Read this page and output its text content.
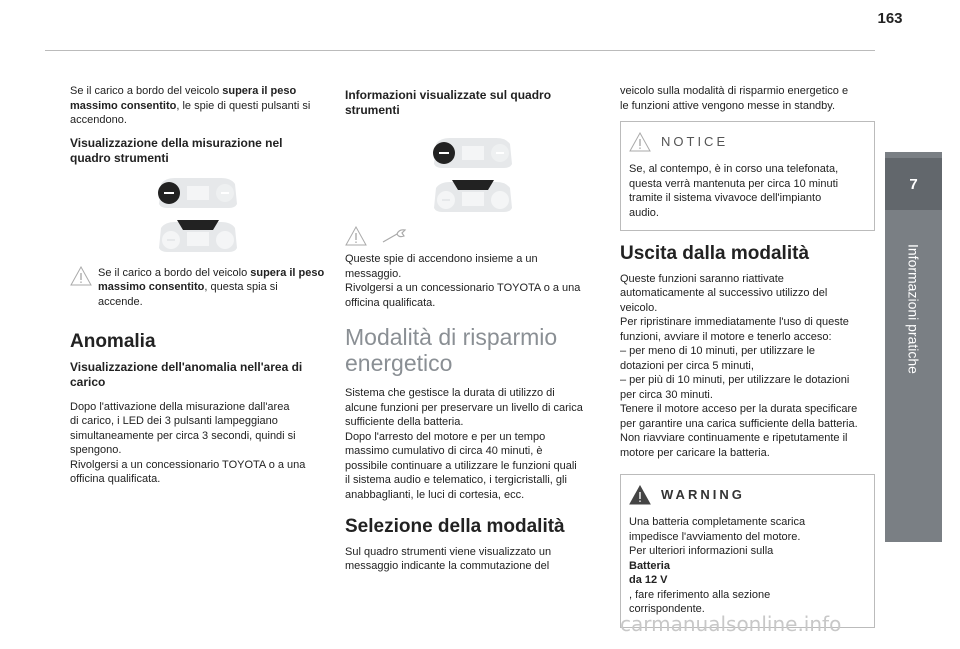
163
7
Informazioni pratiche

Se il carico a bordo del veicolo supera il peso massimo consentito, le spie di questi pulsanti si accendono.

Visualizzazione della misurazione nel quadro strumenti

Se il carico a bordo del veicolo supera il peso massimo consentito, questa spia si accende.

Anomalia
Visualizzazione dell'anomalia nell'area di carico
Dopo l'attivazione della misurazione dall'area
di carico, i LED dei 3 pulsanti lampeggiano
simultaneamente per circa 3 secondi, quindi si
spengono.
Rivolgersi a un concessionario TOYOTA o a una
officina qualificata.
Informazioni visualizzate sul quadro strumenti
Queste spie di accendono insieme a un
messaggio.
Rivolgersi a un concessionario TOYOTA o a una
officina qualificata.
Modalità di risparmio energetico
Sistema che gestisce la durata di utilizzo di
alcune funzioni per preservare un livello di carica
sufficiente della batteria.
Dopo l'arresto del motore e per un tempo
massimo cumulativo di circa 40 minuti, è
possibile continuare a utilizzare le funzioni quali
il sistema audio e telematico, i tergicristalli, gli
anabbaglianti, le luci di cortesia, ecc.
Selezione della modalità
Sul quadro strumenti viene visualizzato un
messaggio indicante la commutazione del
veicolo sulla modalità di risparmio energetico e
le funzioni attive vengono messe in standby.
NOTICE
Se, al contempo, è in corso una telefonata,
questa verrà mantenuta per circa 10 minuti
tramite il sistema vivavoce dell'impianto
audio.
Uscita dalla modalità
Queste funzioni saranno riattivate
automaticamente al successivo utilizzo del
veicolo.
Per ripristinare immediatamente l'uso di queste
funzioni, avviare il motore e tenerlo acceso:
– per meno di 10 minuti, per utilizzare le
dotazioni per circa 5 minuti,
– per più di 10 minuti, per utilizzare le dotazioni
per circa 30 minuti.
Tenere il motore acceso per la durata specificare
per garantire una carica sufficiente della batteria.
Non riavviare continuamente e ripetutamente il
motore per caricare la batteria.
WARNING
Una batteria completamente scarica
impedisce l'avviamento del motore.
Per ulteriori informazioni sulla
Batteria
da 12 V
, fare riferimento alla sezione
corrispondente.
carmanualsonline.info
